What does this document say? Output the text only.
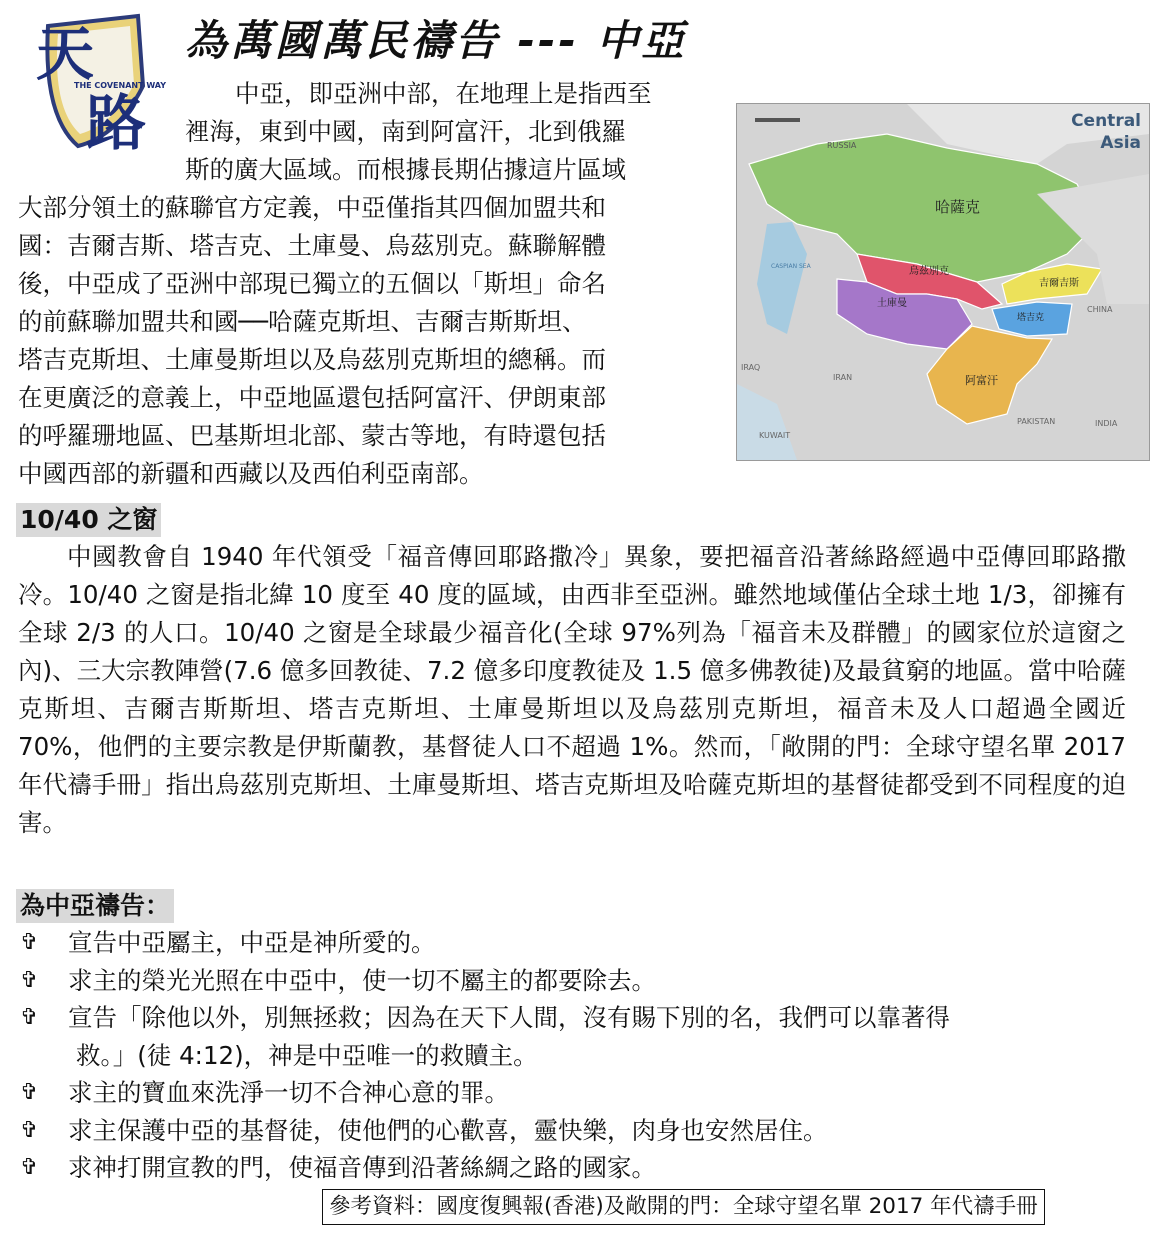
天
路
THE COVENANT WAY
為萬國萬民禱告 --- 中亞
中亞，即亞洲中部，在地理上是指西至
裡海，東到中國，南到阿富汗，北到俄羅
斯的廣大區域。而根據長期佔據這片區域
大部分領土的蘇聯官方定義，中亞僅指其四個加盟共和
國：吉爾吉斯、塔吉克、土庫曼、烏茲別克。蘇聯解體
後，中亞成了亞洲中部現已獨立的五個以「斯坦」命名
的前蘇聯加盟共和國──哈薩克斯坦、吉爾吉斯斯坦、
塔吉克斯坦、土庫曼斯坦以及烏茲別克斯坦的總稱。而
在更廣泛的意義上，中亞地區還包括阿富汗、伊朗東部
的呼羅珊地區、巴基斯坦北部、蒙古等地，有時還包括
中國西部的新疆和西藏以及西伯利亞南部。
Central
Asia
RUSSIA
哈薩克
烏茲別克
吉爾吉斯
土庫曼
塔吉克
阿富汗
CASPIAN SEA
CHINA
IRAN
IRAQ
PAKISTAN	INDIA
KUWAIT
10/40 之窗
中國教會自 1940 年代領受「福音傳回耶路撒冷」異象，要把福音沿著絲路經過中亞傳回耶路撒冷。10/40 之窗是指北緯 10 度至 40 度的區域，由西非至亞洲。雖然地域僅佔全球土地 1/3，卻擁有全球 2/3 的人口。10/40 之窗是全球最少福音化(全球 97%列為「福音未及群體」的國家位於這窗之內)、三大宗教陣營(7.6 億多回教徒、7.2 億多印度教徒及 1.5 億多佛教徒)及最貧窮的地區。當中哈薩克斯坦、吉爾吉斯斯坦、塔吉克斯坦、土庫曼斯坦以及烏茲別克斯坦，福音未及人口超過全國近 70%，他們的主要宗教是伊斯蘭教，基督徒人口不超過 1%。然而，「敞開的門：全球守望名單 2017 年代禱手冊」指出烏茲別克斯坦、土庫曼斯坦、塔吉克斯坦及哈薩克斯坦的基督徒都受到不同程度的迫害。
為中亞禱告：
✞ 宣告中亞屬主，中亞是神所愛的。
✞ 求主的榮光光照在中亞中，使一切不屬主的都要除去。
✞ 宣告「除他以外，別無拯救；因為在天下人間，沒有賜下別的名，我們可以靠著得
救。」(徒 4:12)，神是中亞唯一的救贖主。
✞ 求主的寶血來洗淨一切不合神心意的罪。
✞ 求主保護中亞的基督徒，使他們的心歡喜，靈快樂，肉身也安然居住。
✞ 求神打開宣教的門，使福音傳到沿著絲綢之路的國家。
參考資料：國度復興報(香港)及敞開的門：全球守望名單 2017 年代禱手冊
